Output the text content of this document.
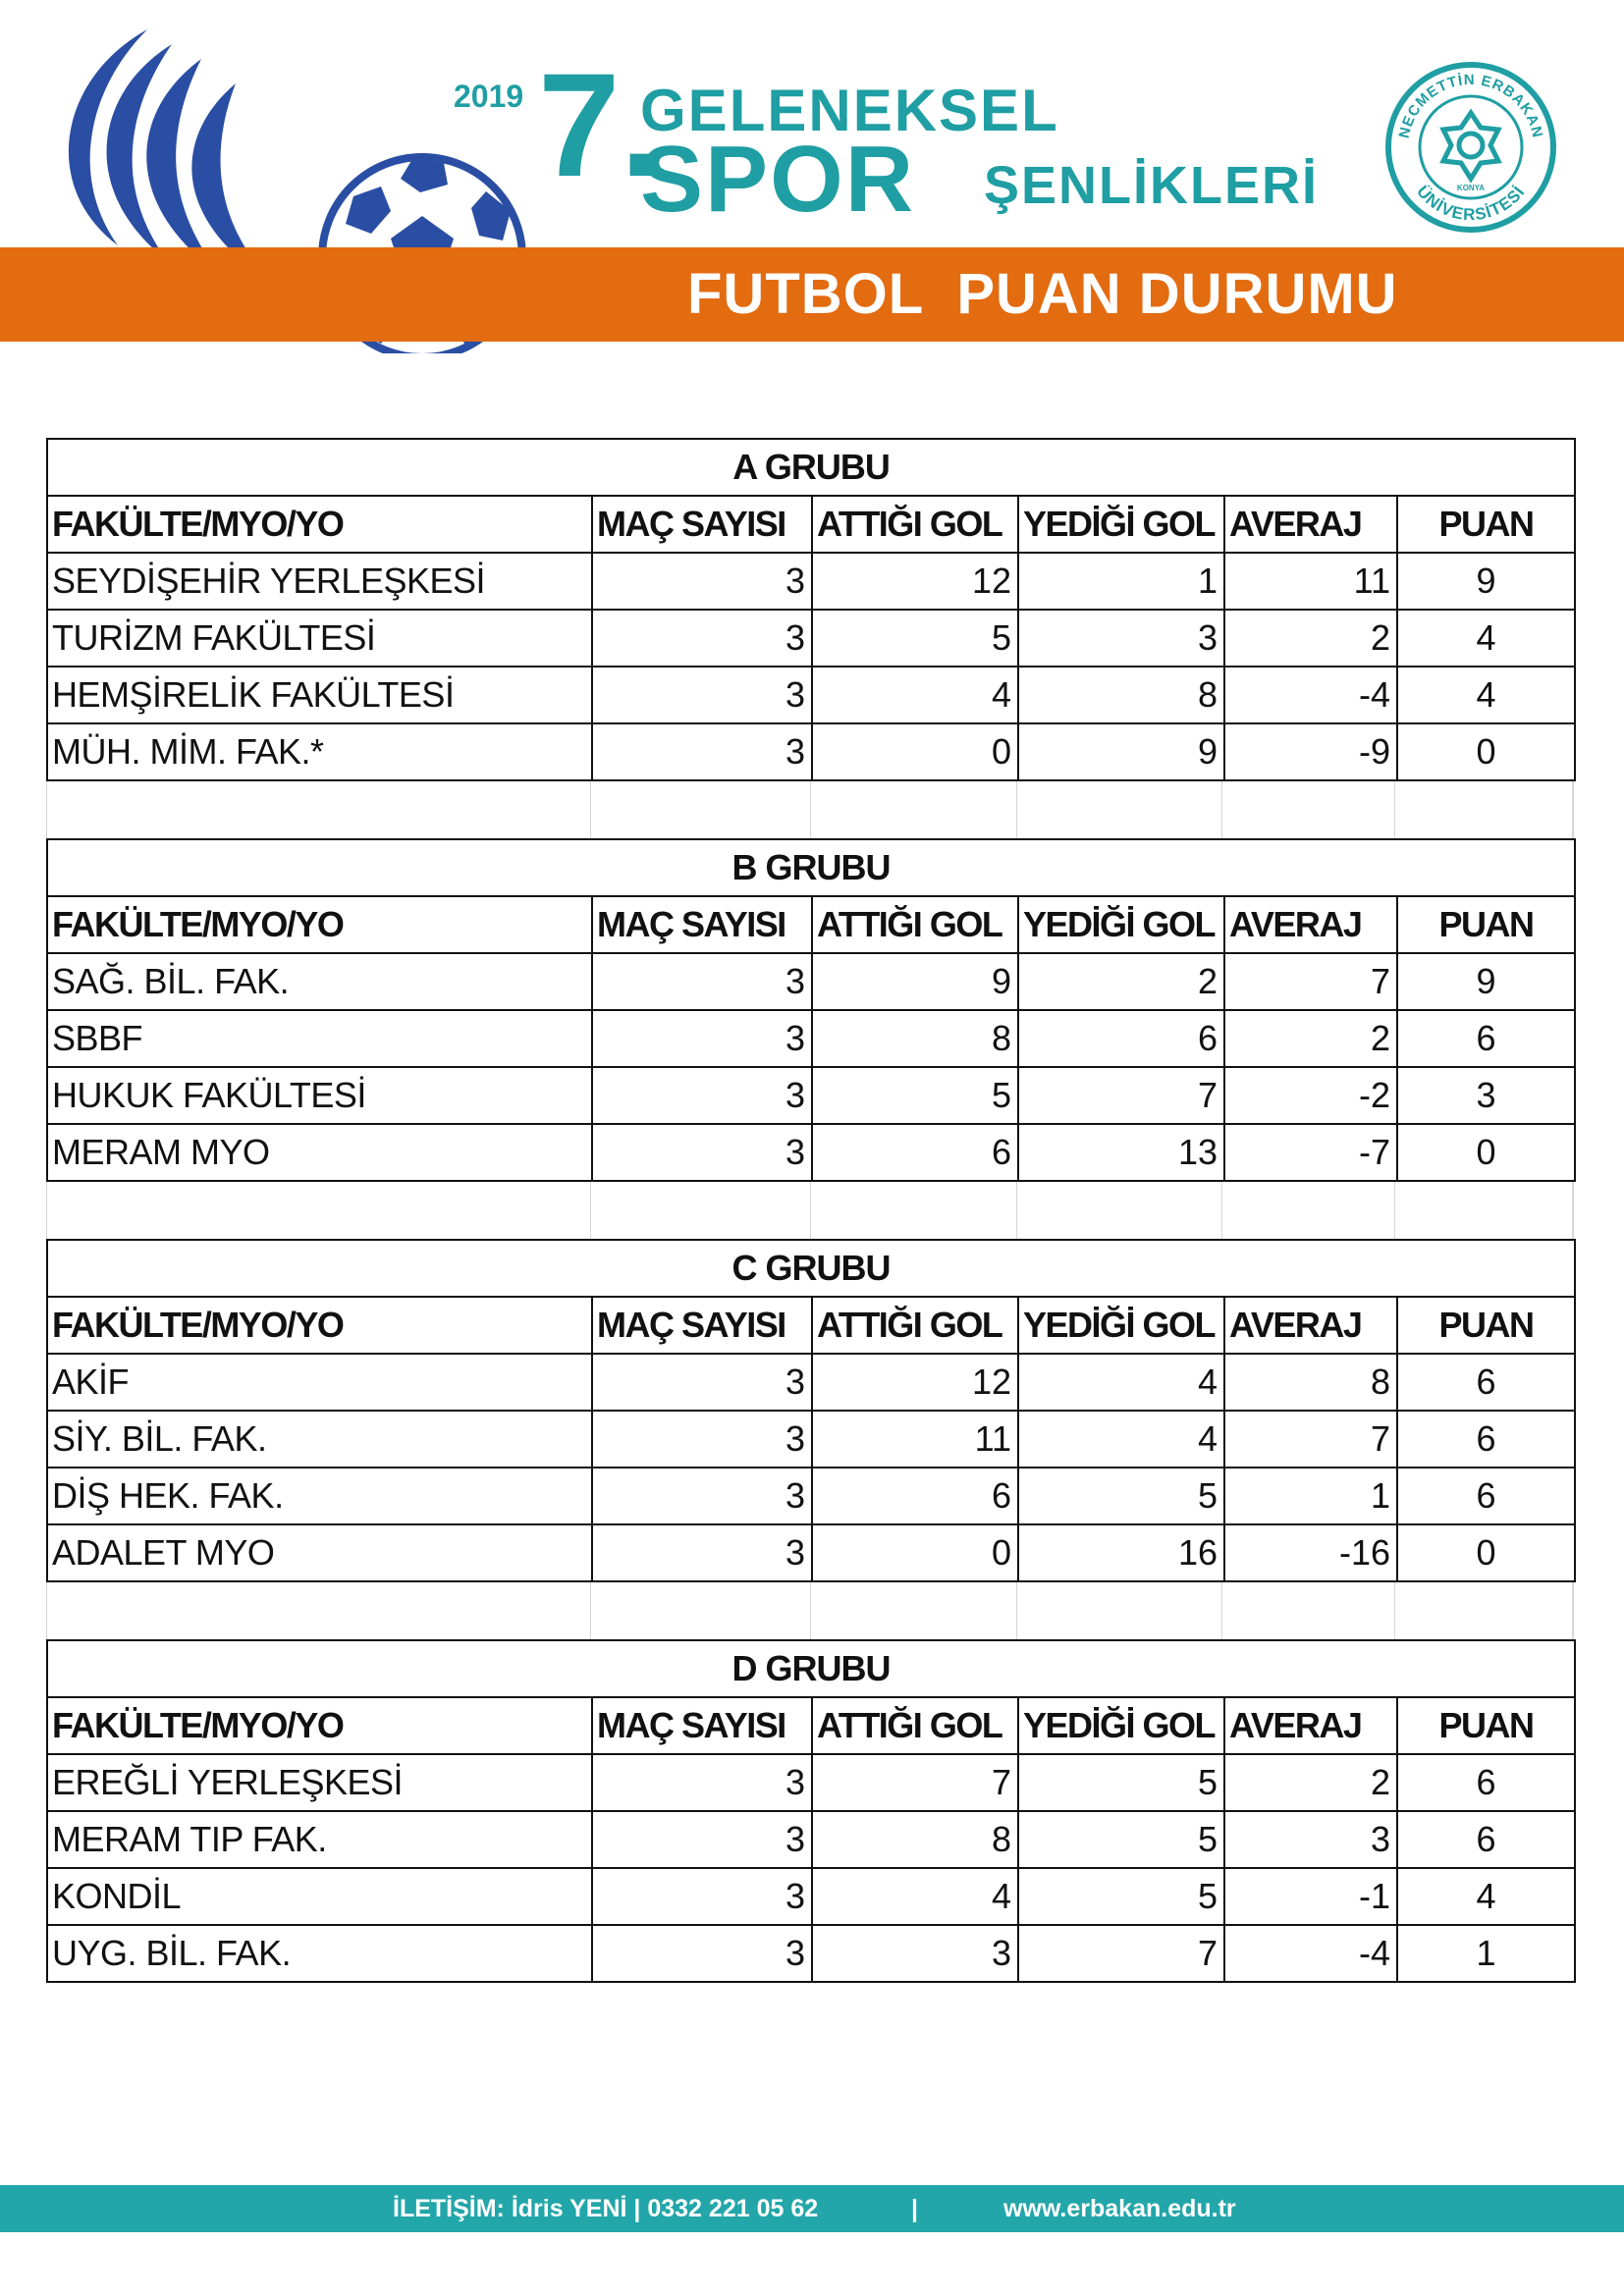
2019 7.
GELENEKSEL
SPOR ŞENLİKLERİ
NECMETTİN ERBAKAN
ÜNİVERSİTESİ
KONYA
FUTBOL  PUAN DURUMU
A GRUBU					
FAKÜLTE/MYO/YO	MAÇ SAYISI	ATTIĞI GOL	YEDİĞİ GOL	AVERAJ	PUAN
SEYDİŞEHİR YERLEŞKESİ	3	12	1	11	9
TURİZM FAKÜLTESİ	3	5	3	2	4
HEMŞİRELİK FAKÜLTESİ	3	4	8	-4	4
MÜH. MİM. FAK.*	3	0	9	-9	0
B GRUBU					
FAKÜLTE/MYO/YO	MAÇ SAYISI	ATTIĞI GOL	YEDİĞİ GOL	AVERAJ	PUAN
SAĞ. BİL. FAK.	3	9	2	7	9
SBBF	3	8	6	2	6
HUKUK FAKÜLTESİ	3	5	7	-2	3
MERAM MYO	3	6	13	-7	0
C GRUBU					
FAKÜLTE/MYO/YO	MAÇ SAYISI	ATTIĞI GOL	YEDİĞİ GOL	AVERAJ	PUAN
AKİF	3	12	4	8	6
SİY. BİL. FAK.	3	11	4	7	6
DİŞ HEK. FAK.	3	6	5	1	6
ADALET MYO	3	0	16	-16	0
D GRUBU					
FAKÜLTE/MYO/YO	MAÇ SAYISI	ATTIĞI GOL	YEDİĞİ GOL	AVERAJ	PUAN
EREĞLİ YERLEŞKESİ	3	7	5	2	6
MERAM TIP FAK.	3	8	5	3	6
KONDİL	3	4	5	-1	4
UYG. BİL. FAK.	3	3	7	-4	1
İLETİŞİM: İdris YENİ | 0332 221 05 62	|	www.erbakan.edu.tr
